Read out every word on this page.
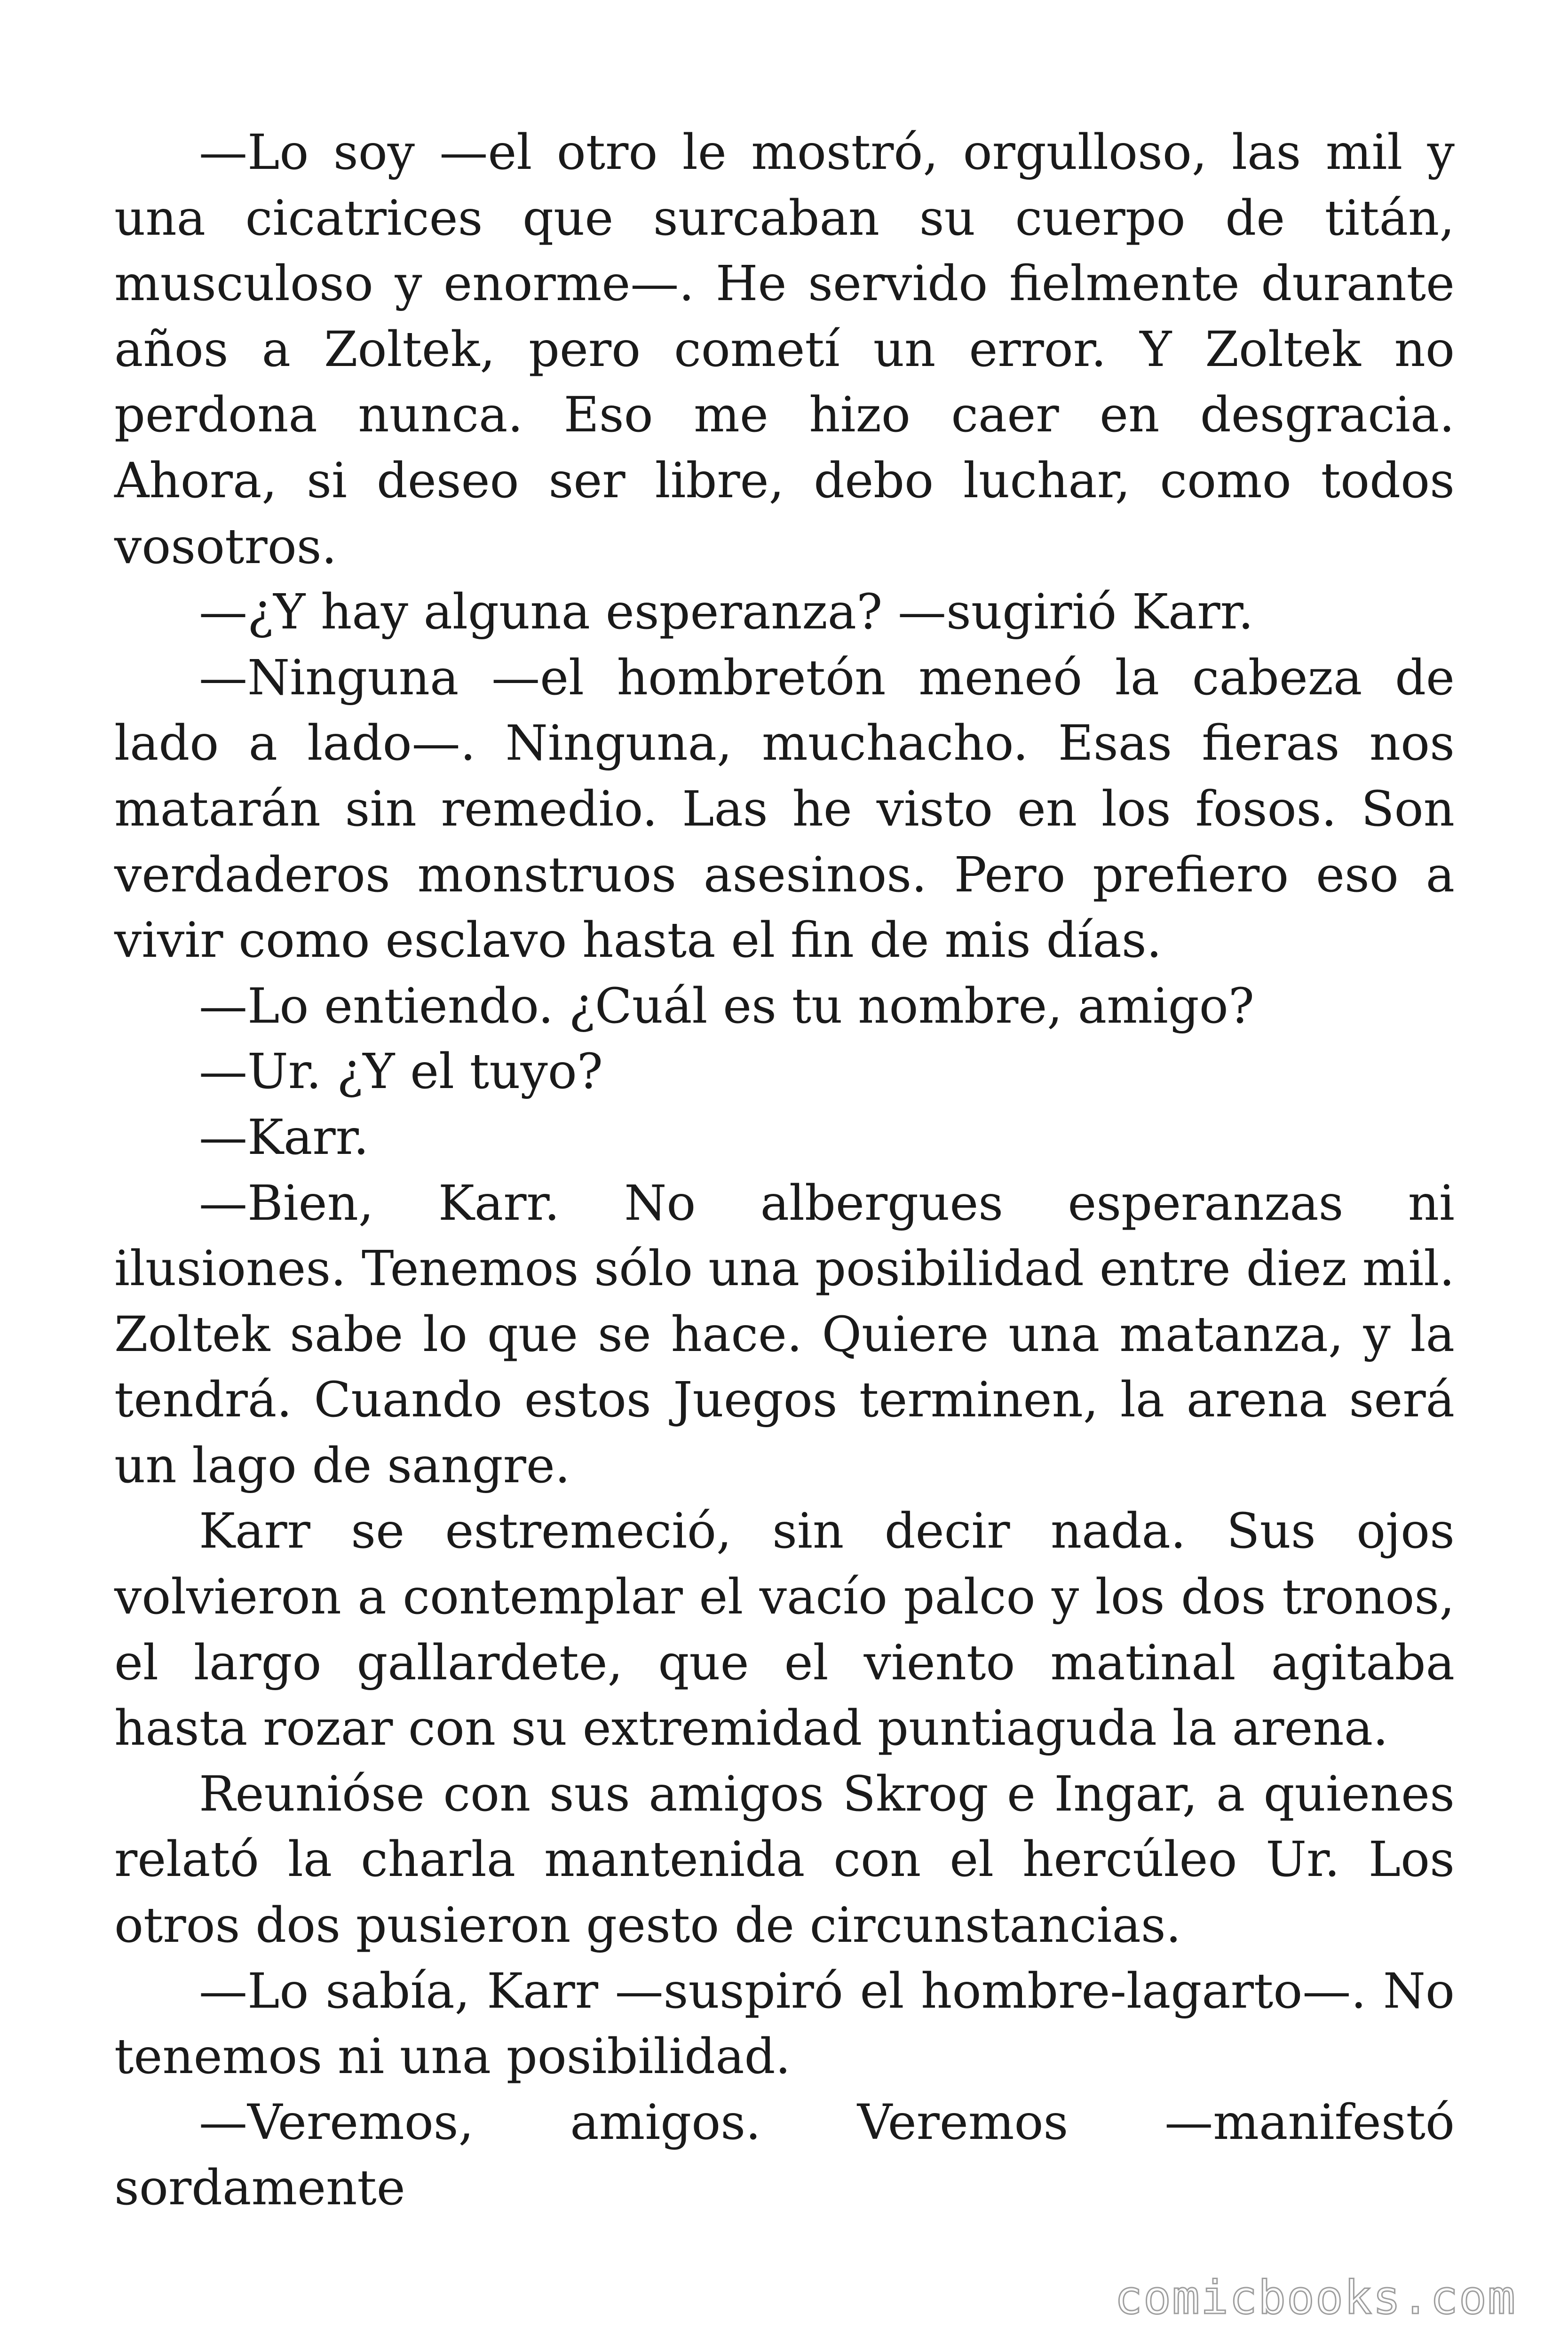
—Lo soy —el otro le mostró, orgulloso, las mil y una cicatrices que surcaban su cuerpo de titán, musculoso y enorme—. He servido fielmente durante años a Zoltek, pero cometí un error. Y Zoltek no perdona nunca. Eso me hizo caer en desgracia. Ahora, si deseo ser libre, debo luchar, como todos vosotros.

—¿Y hay alguna esperanza? —sugirió Karr.

—Ninguna —el hombretón meneó la cabeza de lado a lado—. Ninguna, muchacho. Esas fieras nos matarán sin remedio. Las he visto en los fosos. Son verdaderos monstruos asesinos. Pero prefiero eso a vivir como esclavo hasta el fin de mis días.

—Lo entiendo. ¿Cuál es tu nombre, amigo?

—Ur. ¿Y el tuyo?

—Karr.

—Bien, Karr. No albergues esperanzas ni ilusiones. Tenemos sólo una posibilidad entre diez mil. Zoltek sabe lo que se hace. Quiere una matanza, y la tendrá. Cuando estos Juegos terminen, la arena será un lago de sangre.

Karr se estremeció, sin decir nada. Sus ojos volvieron a contemplar el vacío palco y los dos tronos, el largo gallardete, que el viento matinal agitaba hasta rozar con su extremidad puntiaguda la arena.

Reunióse con sus amigos Skrog e Ingar, a quienes relató la charla mantenida con el hercúleo Ur. Los otros dos pusieron gesto de circunstancias.

—Lo sabía, Karr —suspiró el hombre-lagarto—. No tenemos ni una posibilidad.

—Veremos, amigos. Veremos —manifestó

sordamente

comicbooks.com
